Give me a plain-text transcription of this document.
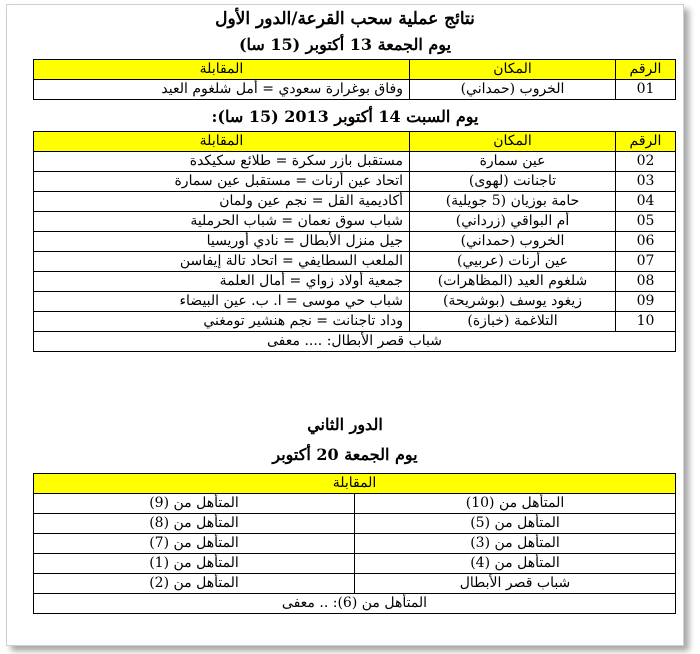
نتائج عملية سحب القرعة/الدور الأول
يوم الجمعة 13 أكتوبر (15 سا)
الرقم	المكان	المقابلة
01	الخروب (حمداني)	وفاق بوغرارة سعودي = أمل شلغوم العيد
يوم السبت 14 أكتوبر 2013 (15 سا):
الرقم	المكان	المقابلة
02	عين سمارة	مستقبل بازر سكرة = طلائع سكيكدة
03	تاجنانت (لهوى)	اتحاد عين أرنات = مستقبل عين سمارة
04	حامة بوزيان (5 جويلية)	أكاديمية القل = نجم عين ولمان
05	أم البواقي (زرداني)	شباب سوق نعمان = شباب الحرملية
06	الخروب (حمداني)	جيل منزل الأبطال = نادي أوريسيا
07	عين أرنات (عربيي)	الملعب السطايفي = اتحاد تالة إيفاسن
08	شلغوم العيد (المظاهرات)	جمعية أولاد زواي = أمال العلمة
09	زيغود يوسف (بوشريحة)	شباب حي موسى = ا. ب. عين البيضاء
10	التلاغمة (خبازة)	وداد تاجنانت = نجم هنشير تومغني
شباب قصر الأبطال: .... معفى		
الدور الثاني
يوم الجمعة 20 أكتوبر
المقابلة	
المتأهل من (10)	المتأهل من (9)
المتأهل من (5)	المتأهل من (8)
المتأهل من (3)	المتأهل من (7)
المتأهل من (4)	المتأهل من (1)
شباب قصر الأبطال	المتأهل من (2)
المتأهل من (6): .. معفى	
